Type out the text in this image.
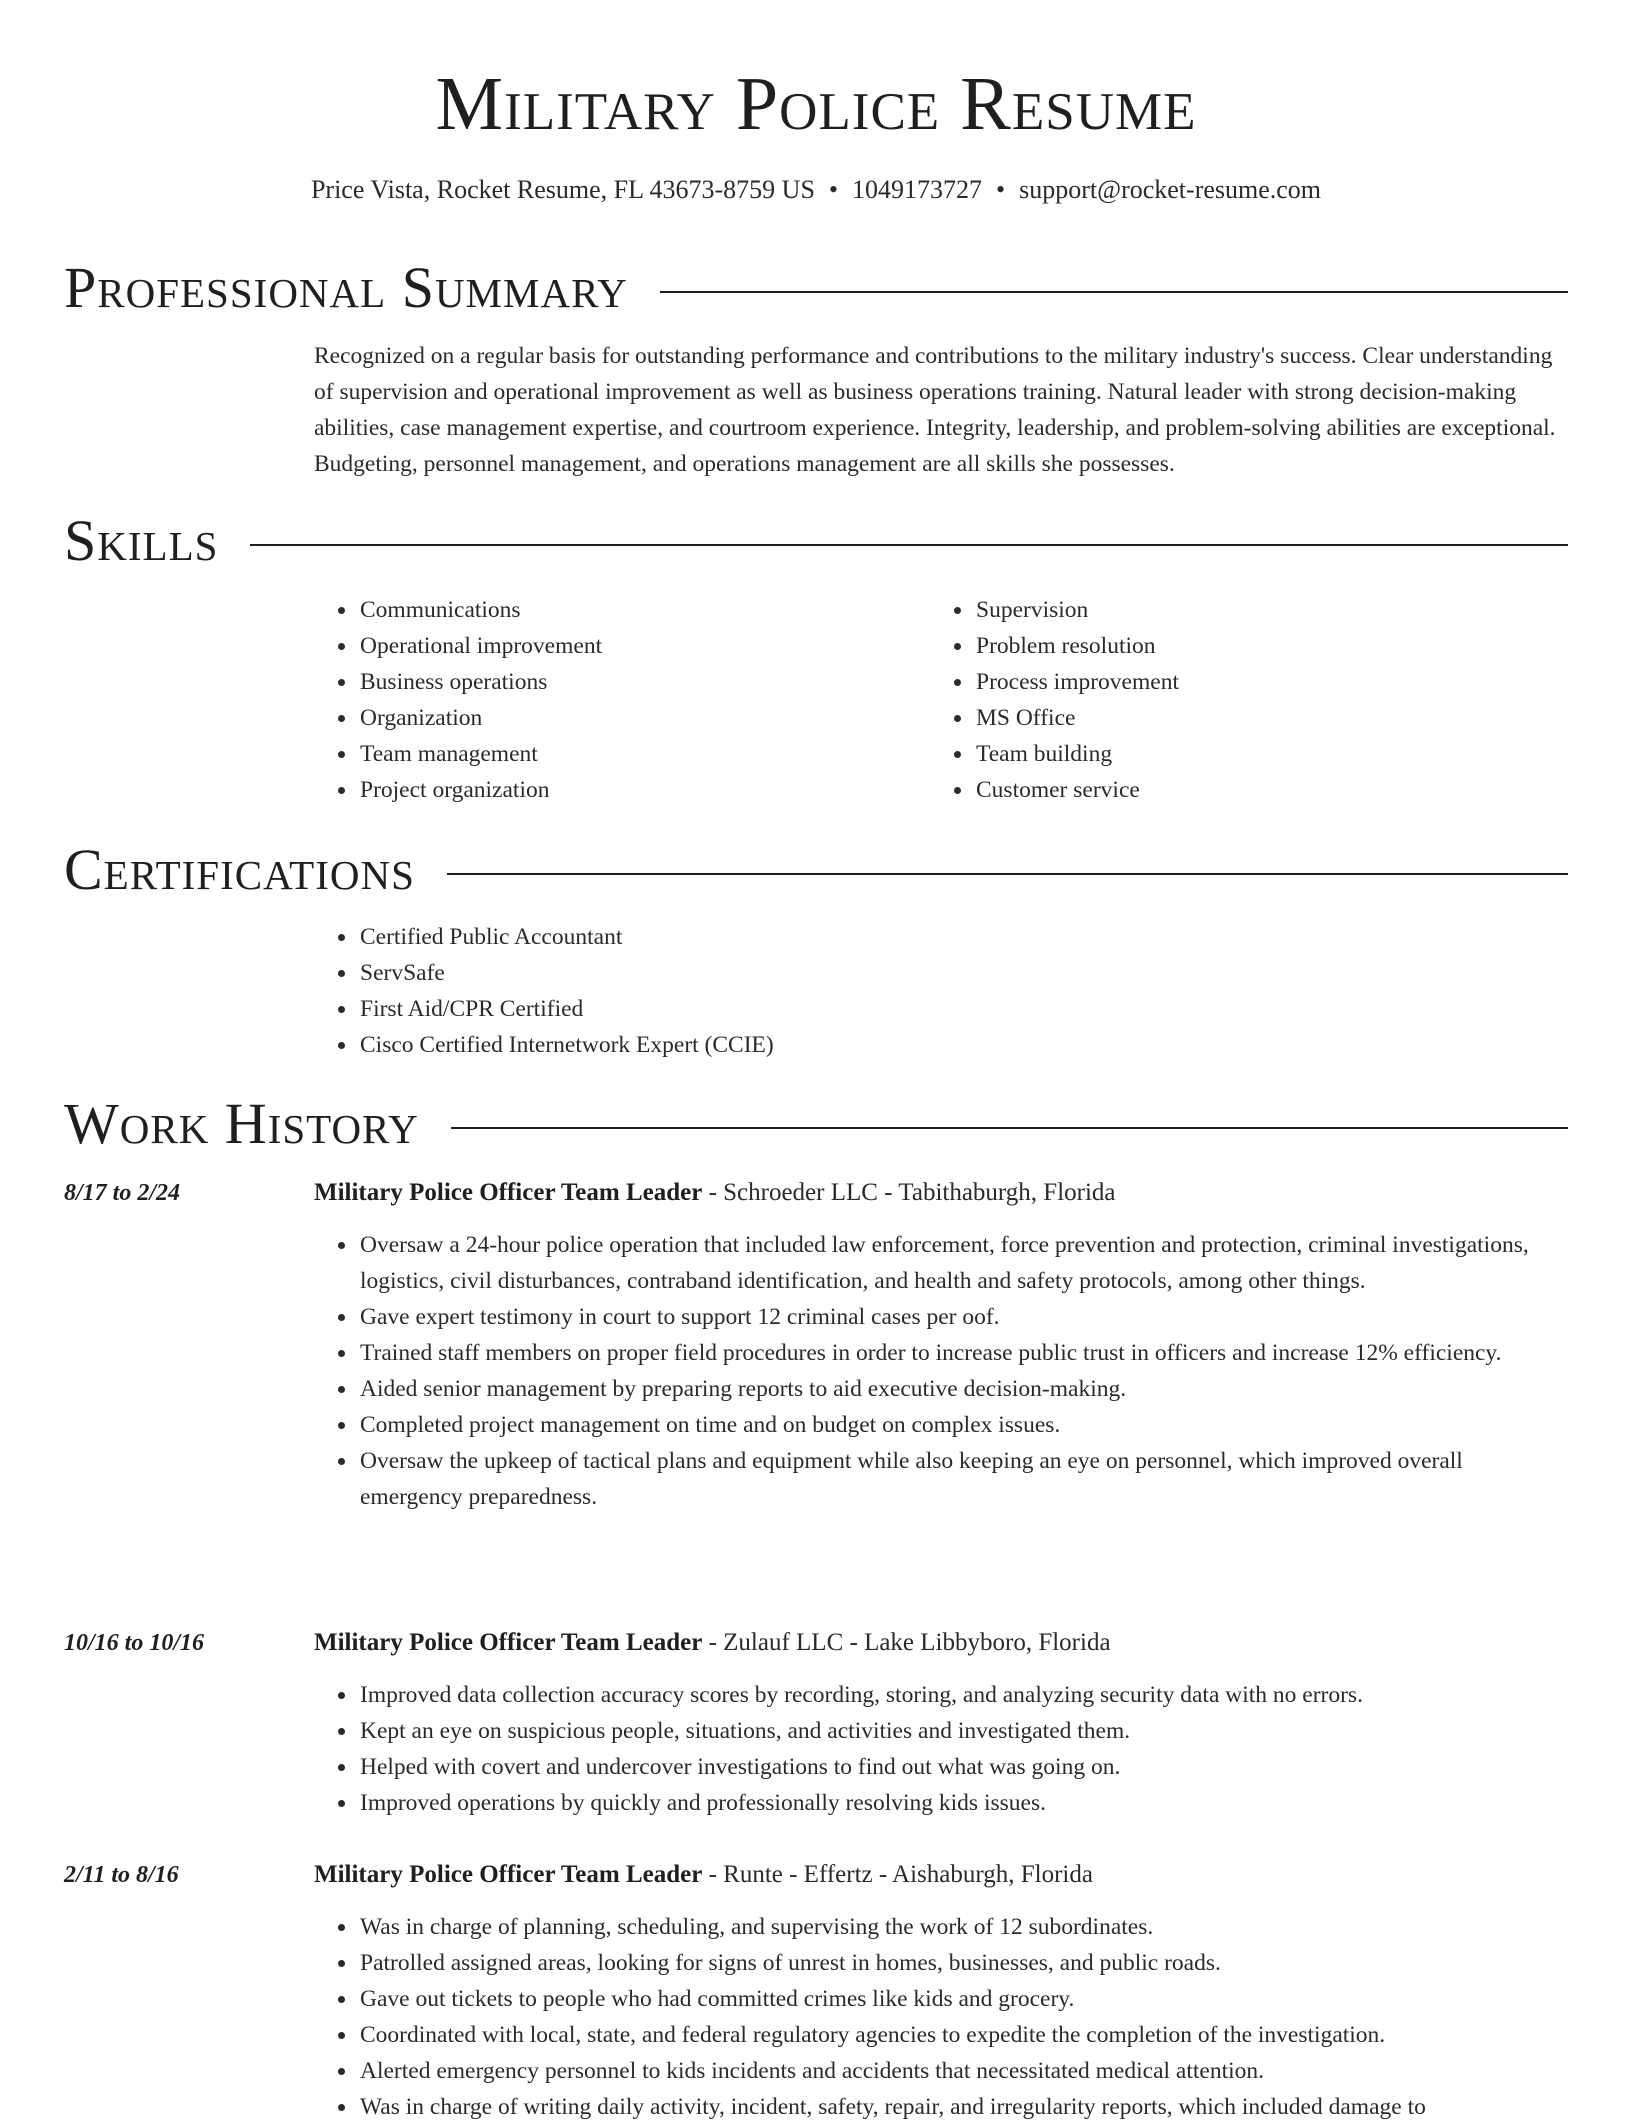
Military Police Resume
Price Vista, Rocket Resume, FL 43673-8759 US • 1049173727 • support@rocket-resume.com
Professional Summary
Recognized on a regular basis for outstanding performance and contributions to the military industry's success. Clear understanding of supervision and operational improvement as well as business operations training. Natural leader with strong decision-making abilities, case management expertise, and courtroom experience. Integrity, leadership, and problem-solving abilities are exceptional. Budgeting, personnel management, and operations management are all skills she possesses.
Skills
• Communications
• Operational improvement
• Business operations
• Organization
• Team management
• Project organization
• Supervision
• Problem resolution
• Process improvement
• MS Office
• Team building
• Customer service
Certifications
• Certified Public Accountant
• ServSafe
• First Aid/CPR Certified
• Cisco Certified Internetwork Expert (CCIE)
Work History
8/17 to 2/24	Military Police Officer Team Leader - Schroeder LLC - Tabithaburgh, Florida
• Oversaw a 24-hour police operation that included law enforcement, force prevention and protection, criminal investigations, logistics, civil disturbances, contraband identification, and health and safety protocols, among other things.
• Gave expert testimony in court to support 12 criminal cases per oof.
• Trained staff members on proper field procedures in order to increase public trust in officers and increase 12% efficiency.
• Aided senior management by preparing reports to aid executive decision-making.
• Completed project management on time and on budget on complex issues.
• Oversaw the upkeep of tactical plans and equipment while also keeping an eye on personnel, which improved overall emergency preparedness.
10/16 to 10/16	Military Police Officer Team Leader - Zulauf LLC - Lake Libbyboro, Florida
• Improved data collection accuracy scores by recording, storing, and analyzing security data with no errors.
• Kept an eye on suspicious people, situations, and activities and investigated them.
• Helped with covert and undercover investigations to find out what was going on.
• Improved operations by quickly and professionally resolving kids issues.
2/11 to 8/16	Military Police Officer Team Leader - Runte - Effertz - Aishaburgh, Florida
• Was in charge of planning, scheduling, and supervising the work of 12 subordinates.
• Patrolled assigned areas, looking for signs of unrest in homes, businesses, and public roads.
• Gave out tickets to people who had committed crimes like kids and grocery.
• Coordinated with local, state, and federal regulatory agencies to expedite the completion of the investigation.
• Alerted emergency personnel to kids incidents and accidents that necessitated medical attention.
• Was in charge of writing daily activity, incident, safety, repair, and irregularity reports, which included damage to
